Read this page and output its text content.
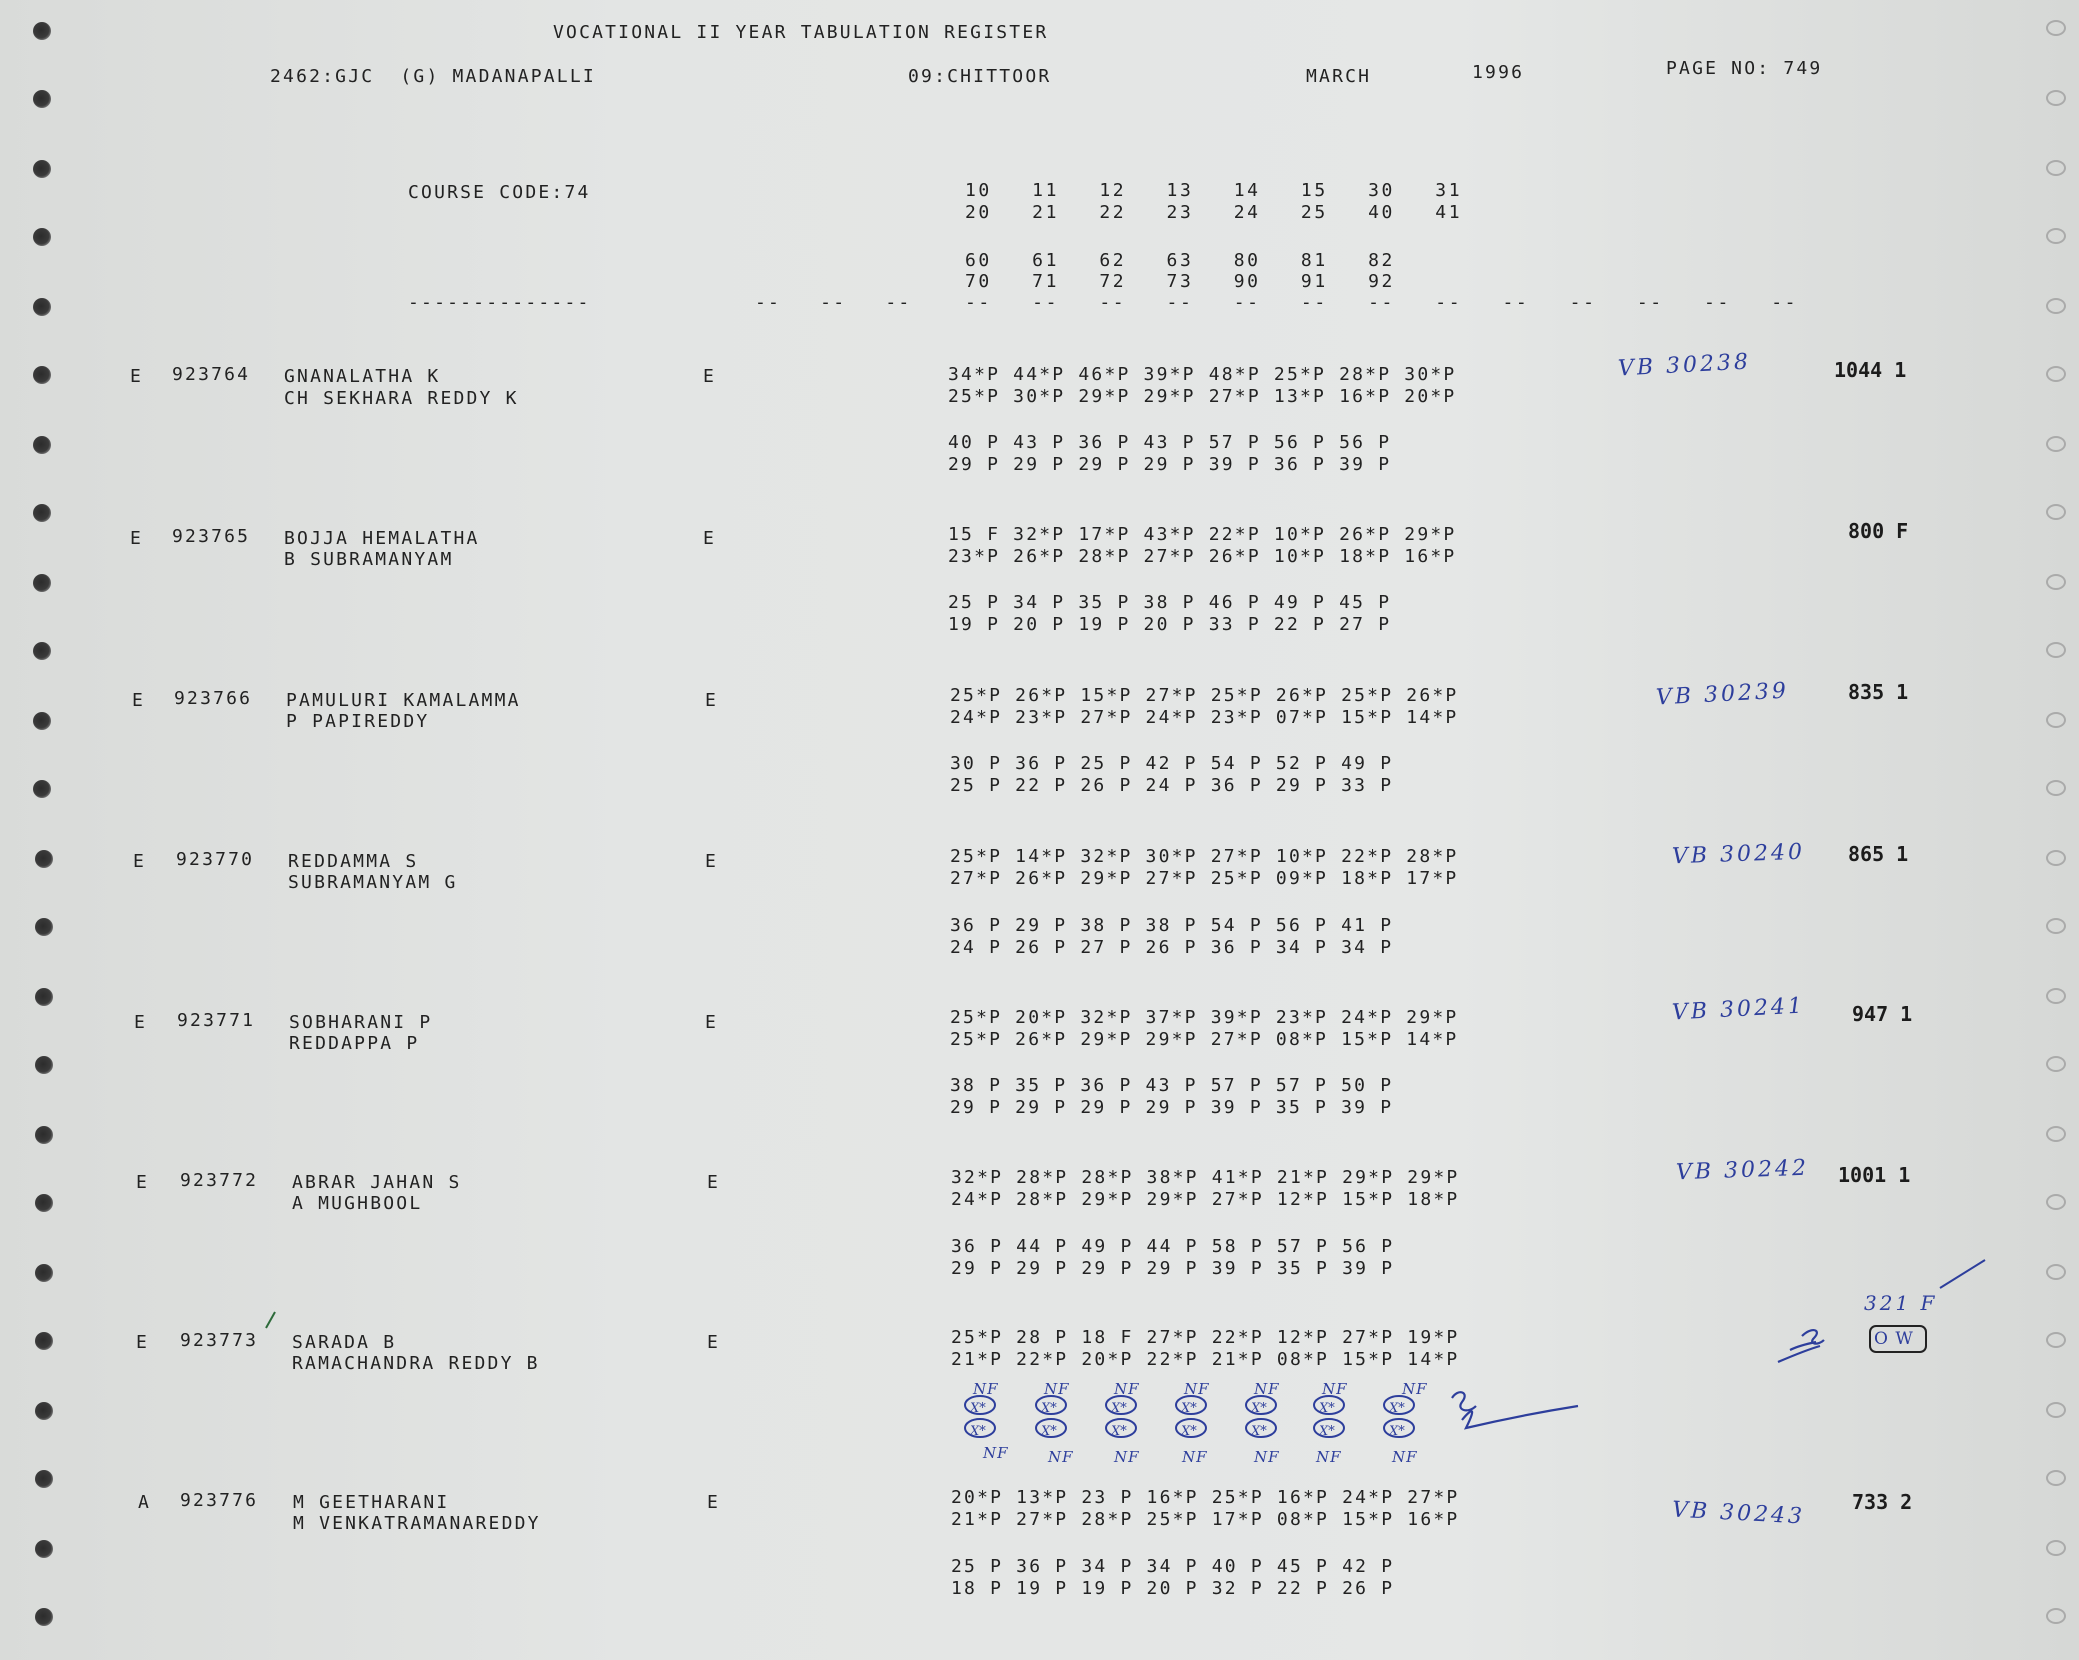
VOCATIONAL II YEAR TABULATION REGISTER
2462:GJC  (G) MADANAPALLI	09:CHITTOOR	MARCH	1996	PAGE NO: 749
COURSE CODE:74	10   11   12   13   14   15   30   31
20   21   22   23   24   25   40   41
60   61   62   63   80   81   82
70   71   72   73   90   91   92
--------------	--   --   --	--   --   --   --   --   --   --   --   --   --   --   --   --
E 923764 GNANALATHA K
CH SEKHARA REDDY K
E	34*P 44*P 46*P 39*P 48*P 25*P 28*P 30*P
25*P 30*P 29*P 29*P 27*P 13*P 16*P 20*P
40 P 43 P 36 P 43 P 57 P 56 P 56 P
29 P 29 P 29 P 29 P 39 P 36 P 39 P
VB 30238	1044 1
E 923765 BOJJA HEMALATHA
B SUBRAMANYAM
E	15 F 32*P 17*P 43*P 22*P 10*P 26*P 29*P
23*P 26*P 28*P 27*P 26*P 10*P 18*P 16*P
25 P 34 P 35 P 38 P 46 P 49 P 45 P
19 P 20 P 19 P 20 P 33 P 22 P 27 P
800 F
E 923766 PAMULURI KAMALAMMA
P PAPIREDDY
E	25*P 26*P 15*P 27*P 25*P 26*P 25*P 26*P
24*P 23*P 27*P 24*P 23*P 07*P 15*P 14*P
30 P 36 P 25 P 42 P 54 P 52 P 49 P
25 P 22 P 26 P 24 P 36 P 29 P 33 P
VB 30239	835 1
E 923770 REDDAMMA S
SUBRAMANYAM G
E	25*P 14*P 32*P 30*P 27*P 10*P 22*P 28*P
27*P 26*P 29*P 27*P 25*P 09*P 18*P 17*P
36 P 29 P 38 P 38 P 54 P 56 P 41 P
24 P 26 P 27 P 26 P 36 P 34 P 34 P
VB 30240 865 1
E 923771 SOBHARANI P
REDDAPPA P
E	25*P 20*P 32*P 37*P 39*P 23*P 24*P 29*P
25*P 26*P 29*P 29*P 27*P 08*P 15*P 14*P
38 P 35 P 36 P 43 P 57 P 57 P 50 P
29 P 29 P 29 P 29 P 39 P 35 P 39 P
VB 30241 947 1
E 923772 ABRAR JAHAN S
A MUGHBOOL
E	32*P 28*P 28*P 38*P 41*P 21*P 29*P 29*P
24*P 28*P 29*P 29*P 27*P 12*P 15*P 18*P
36 P 44 P 49 P 44 P 58 P 57 P 56 P
29 P 29 P 29 P 29 P 39 P 35 P 39 P
VB 30242 1001 1
E 923773 SARADA B
RAMACHANDRA REDDY B
E	25*P 28 P 18 F 27*P 22*P 12*P 27*P 19*P
21*P 22*P 20*P 22*P 21*P 08*P 15*P 14*P
NF	NF	NF	NF	NF	NF	NF
X*	X*	X*	X*	X*	X*	X*
X*	X*	X*	X*	X*	X*	X*
NF	NF	NF	NF	NF NF	NF
321 F
O W
A 923776 M GEETHARANI
M VENKATRAMANAREDDY
E	20*P 13*P 23 P 16*P 25*P 16*P 24*P 27*P
21*P 27*P 28*P 25*P 17*P 08*P 15*P 16*P
25 P 36 P 34 P 34 P 40 P 45 P 42 P
18 P 19 P 19 P 20 P 32 P 22 P 26 P
VB 30243 733 2
